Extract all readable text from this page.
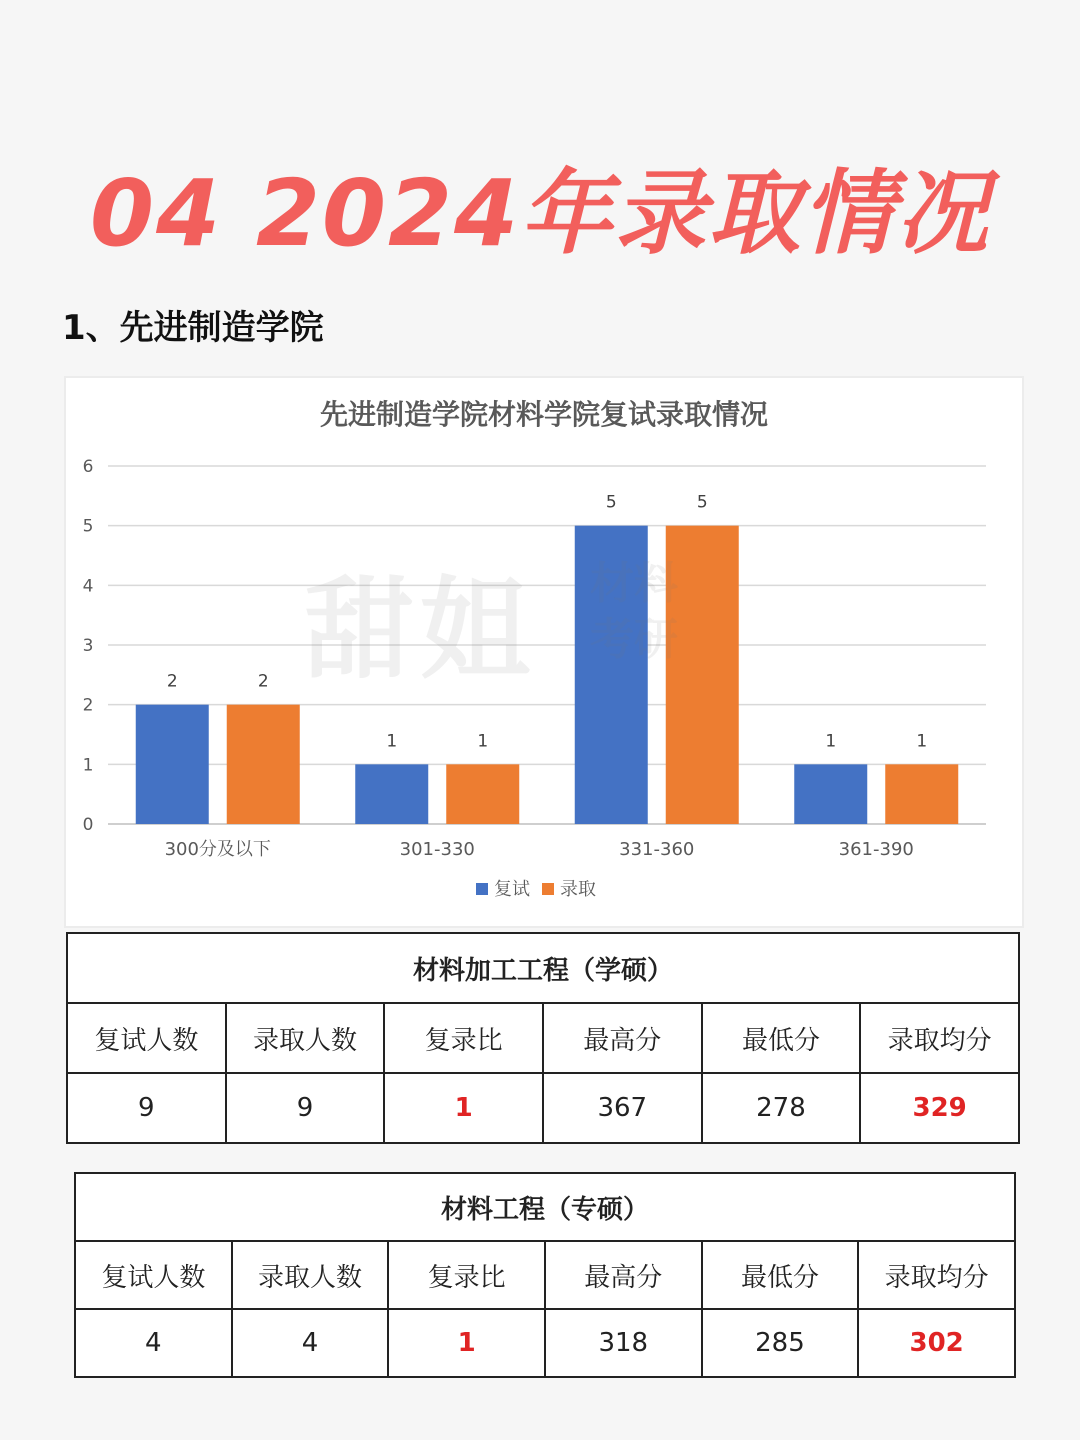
04 2024年录取情况
1、先进制造学院
先进制造学院材料学院复试录取情况
0
1
2
3
4
5
6
2	2
300分及以下
1	1
301-330
5	5
331-360
1	1
361-390
复试 录取
甜姐
材料加工工程（学硕）					
复试人数	录取人数	复录比	最高分	最低分	录取均分
9	9	1	367	278	329
材料工程（专硕）					
复试人数	录取人数	复录比	最高分	最低分	录取均分
4	4	1	318	285	302
